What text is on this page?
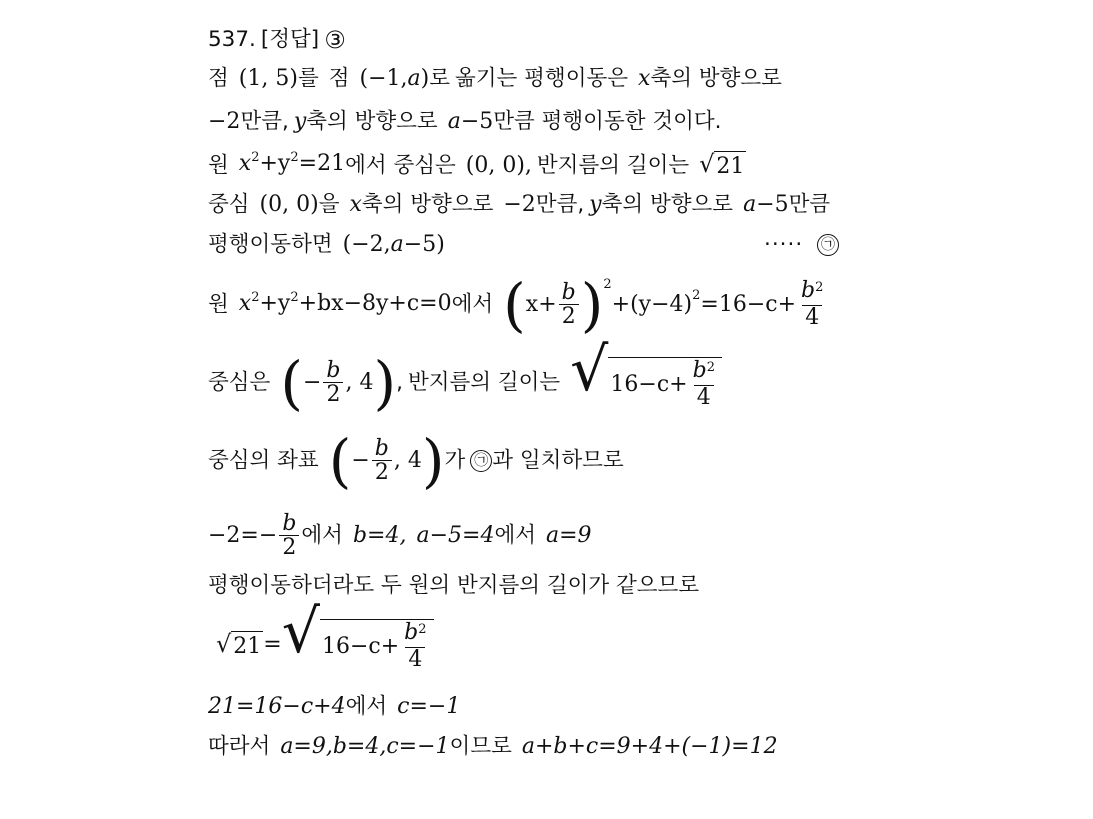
537. [정답] ③
점 (1, 5) 를 점 (−1, a ) 로 옮기는 평행이동은 x 축의 방향으로
−2 만큼, y 축의 방향으로 a −5 만큼 평행이동한 것이다.
원 $x^2+y^2=21$ 에서 중심은 (0, 0), 반지름의 길이는 √ 21
중심 (0, 0) 을 x 축의 방향으로 −2 만큼, y 축의 방향으로 a −5 만큼
평행이동하면 (−2, a −5 )	····· ㉠
원 $x^2+y^2+bx-8y+c=0$ 에서 ( $x+ \frac{b}{2}$ ) 2
+(y−4) $2 =16-c+ \frac{b^2}{4}$
중심은 ( − $\frac{b}{2}$ , 4 ) , 반지름의 길이는 √ $16-c+ \frac{b^2}{4}$
중심의 좌표 ( − $\frac{b}{2}$ , 4 ) 가 ㉠ 과 일치하므로
$-2=- \frac{b}{2}$ 에서 b=4, a−5=4 에서 a=9
평행이동하더라도 두 원의 반지름의 길이가 같으므로
√ 21 = √ $16-c+ \frac{b^2}{4}$
21=16−c+4 에서 c=−1
따라서 a=9,b=4,c=−1 이므로 a+b+c=9+4+(−1)=12
